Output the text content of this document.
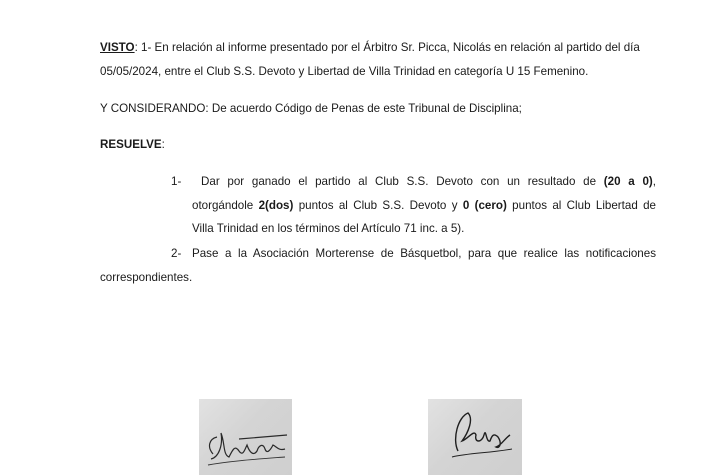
VISTO: 1- En relación al informe presentado por el Árbitro Sr. Picca, Nicolás en relación al partido del día
05/05/2024, entre el Club S.S. Devoto y Libertad de Villa Trinidad en categoría U 15 Femenino.
Y CONSIDERANDO: De acuerdo Código de Penas de este Tribunal de Disciplina;
RESUELVE:
1- Dar por ganado el partido al Club S.S. Devoto con un resultado de (20 a 0),
otorgándole 2(dos) puntos al Club S.S. Devoto y 0 (cero) puntos al Club Libertad de
Villa Trinidad en los términos del Artículo 71 inc. a 5).
2- Pase a la Asociación Morterense de Básquetbol, para que realice las notificaciones
correspondientes.
